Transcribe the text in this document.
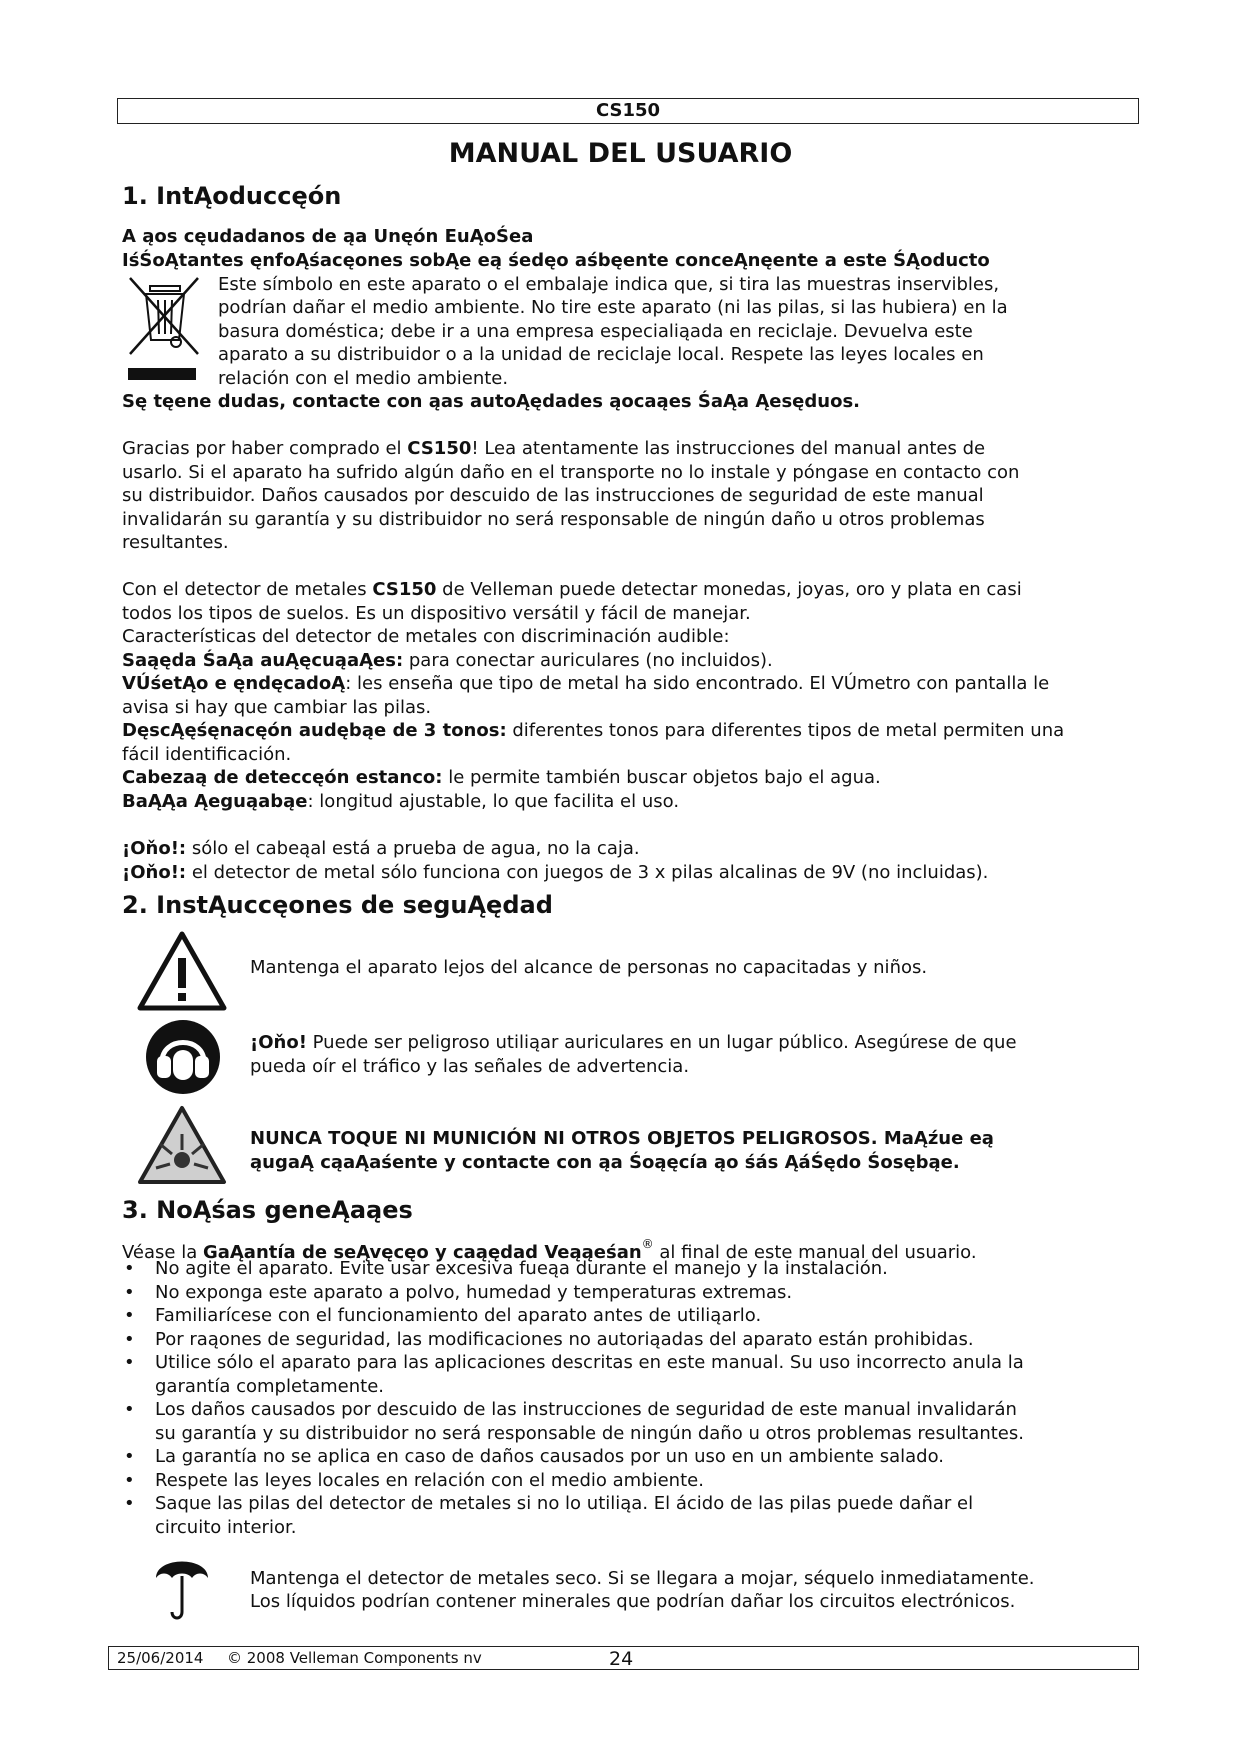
CS150
MANUAL DEL USUARIO
1. IntĄoduccęón
A ąos cęudadanos de ąa Unęón EuĄoŚea
IśŚoĄtantes ęnfoĄśacęones sobĄe eą śedęo aśbęente conceĄnęente a este ŚĄoducto
Este símbolo en este aparato o el embalaje indica que, si tira las muestras inservibles,
podrían dañar el medio ambiente. No tire este aparato (ni las pilas, si las hubiera) en la
basura doméstica; debe ir a una empresa especialiąada en reciclaje. Devuelva este
aparato a su distribuidor o a la unidad de reciclaje local. Respete las leyes locales en
relación con el medio ambiente.
Sę tęene dudas, contacte con ąas autoĄędades ąocaąes ŚaĄa Ąesęduos.
Gracias por haber comprado el CS150! Lea atentamente las instrucciones del manual antes de
usarlo. Si el aparato ha sufrido algún daño en el transporte no lo instale y póngase en contacto con
su distribuidor. Daños causados por descuido de las instrucciones de seguridad de este manual
invalidarán su garantía y su distribuidor no será responsable de ningún daño u otros problemas
resultantes.
Con el detector de metales CS150 de Velleman puede detectar monedas, joyas, oro y plata en casi
todos los tipos de suelos. Es un dispositivo versátil y fácil de manejar.
Características del detector de metales con discriminación audible:
Saąęda ŚaĄa auĄęcuąaĄes: para conectar auriculares (no incluidos).
VÚśetĄo e ęndęcadoĄ: les enseña que tipo de metal ha sido encontrado. El VÚmetro con pantalla le
avisa si hay que cambiar las pilas.
DęscĄęśęnacęón audębąe de 3 tonos: diferentes tonos para diferentes tipos de metal permiten una
fácil identificación.
Cabezaą de deteccęón estanco: le permite también buscar objetos bajo el agua.
BaĄĄa Ąeguąabąe: longitud ajustable, lo que facilita el uso.
¡Oňo!: sólo el cabeąal está a prueba de agua, no la caja.
¡Oňo!: el detector de metal sólo funciona con juegos de 3 x pilas alcalinas de 9V (no incluidas).
2. InstĄuccęones de seguĄędad
Mantenga el aparato lejos del alcance de personas no capacitadas y niños.
¡Oňo! Puede ser peligroso utiliąar auriculares en un lugar público. Asegúrese de que
pueda oír el tráfico y las señales de advertencia.
NUNCA TOQUE NI MUNICIÓN NI OTROS OBJETOS PELIGROSOS. MaĄźue eą
ąugaĄ cąaĄaśente y contacte con ąa Śoąęcía ąo śás ĄáŚędo Śosębąe.
3. NoĄśas geneĄaąes
Véase la GaĄantía de seĄvęcęo y caąędad Veąąeśan® al final de este manual del usuario.
• No agite el aparato. Evite usar excesiva fueąa durante el manejo y la instalación.
• No exponga este aparato a polvo, humedad y temperaturas extremas.
• Familiarícese con el funcionamiento del aparato antes de utiliąarlo.
• Por raąones de seguridad, las modificaciones no autoriąadas del aparato están prohibidas.
• Utilice sólo el aparato para las aplicaciones descritas en este manual. Su uso incorrecto anula la
garantía completamente.
• Los daños causados por descuido de las instrucciones de seguridad de este manual invalidarán
su garantía y su distribuidor no será responsable de ningún daño u otros problemas resultantes.
• La garantía no se aplica en caso de daños causados por un uso en un ambiente salado.
• Respete las leyes locales en relación con el medio ambiente.
• Saque las pilas del detector de metales si no lo utiliąa. El ácido de las pilas puede dañar el
circuito interior.
Mantenga el detector de metales seco. Si se llegara a mojar, séquelo inmediatamente.
Los líquidos podrían contener minerales que podrían dañar los circuitos electrónicos.
25/06/2014 © 2008 Velleman Components nv	24
